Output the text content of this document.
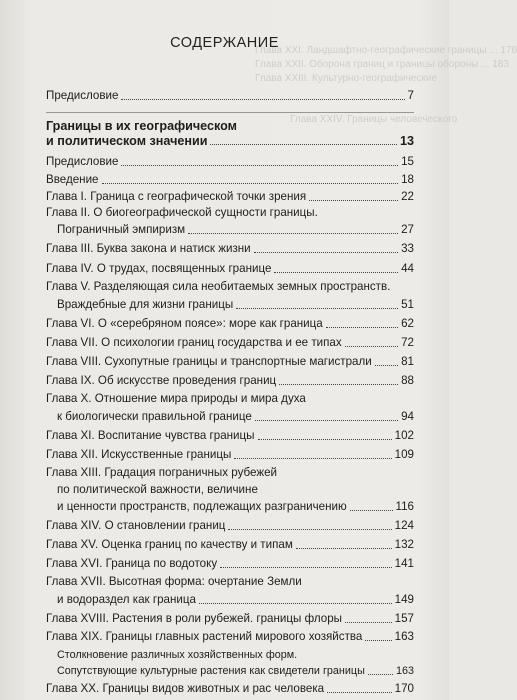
Глава XXI. Ландшафтно-географические границы ... 176
Глава XXII. Оборона границ и границы обороны ... 183
Глава XXIII. Культурно-географические
Глава XXIV. Границы человеческого
СОДЕРЖАНИЕ
Предисловие	7
Границы в их географическом
и политическом значении	13
Предисловие	15
Введение	18
Глава I. Граница с географической точки зрения	22
Глава II. О биогеографической сущности границы.
Пограничный эмпиризм	27
Глава III. Буква закона и натиск жизни	33
Глава IV. О трудах, посвященных границе	44
Глава V. Разделяющая сила необитаемых земных пространств.
Враждебные для жизни границы	51
Глава VI. О «серебряном поясе»: море как граница	62
Глава VII. О психологии границ государства и ее типах	72
Глава VIII. Сухопутные границы и транспортные магистрали	81
Глава IX. Об искусстве проведения границ	88
Глава X. Отношение мира природы и мира духа
к биологически правильной границе	94
Глава XI. Воспитание чувства границы	102
Глава XII. Искусственные границы	109
Глава XIII. Градация пограничных рубежей
по политической важности, величине
и ценности пространств, подлежащих разграничению	116
Глава XIV. О становлении границ	124
Глава XV. Оценка границ по качеству и типам	132
Глава XVI. Граница по водотоку	141
Глава XVII. Высотная форма: очертание Земли
и водораздел как граница	149
Глава XVIII. Растения в роли рубежей. границы флоры	157
Глава XIX. Границы главных растений мирового хозяйства	163
Столкновение различных хозяйственных форм.
Сопутствующие культурные растения как свидетели границы	163
Глава XX. Границы видов животных и рас человека	170
